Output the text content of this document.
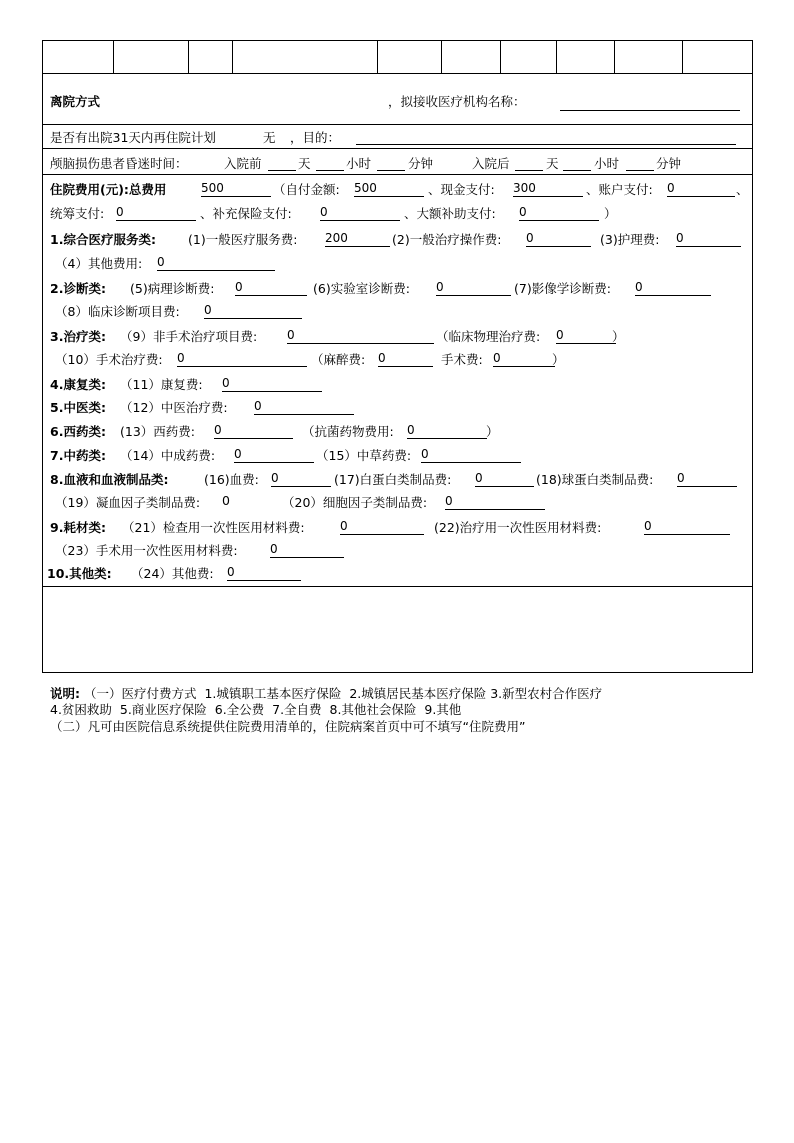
离院方式	，拟接收医疗机构名称：
是否有出院31天内再住院计划	无 ，目的：
颅脑损伤患者昏迷时间：	入院前	天	小时	分钟	入院后	天	小时	分钟
住院费用(元):总费用	500	（自付金额: 500	、现金支付: 300	、账户支付: 0	、
统筹支付: 0	、补充保险支付: 0	、大额补助支付: 0	）
1.综合医疗服务类:	(1)一般医疗服务费: 200	(2)一般治疗操作费: 0	(3)护理费: 0
（4）其他费用: 0
2.诊断类: (5)病理诊断费: 0	(6)实验室诊断费: 0	(7)影像学诊断费: 0
（8）临床诊断项目费: 0
3.治疗类: （9）非手术治疗项目费: 0	（临床物理治疗费: 0	）
（10）手术治疗费: 0	（麻醉费: 0	手术费: 0	）
4.康复类: （11）康复费: 0
5.中医类: （12）中医治疗费: 0
6.西药类: (13）西药费: 0	（抗菌药物费用: 0	）
7.中药类: （14）中成药费: 0	（15）中草药费: 0
8.血液和血液制品类:	(16)血费: 0	(17)白蛋白类制品费: 0	(18)球蛋白类制品费: 0
（19）凝血因子类制品费: 0	（20）细胞因子类制品费: 0
9.耗材类: （21）检查用一次性医用材料费:	0	(22)治疗用一次性医用材料费:	0
（23）手术用一次性医用材料费:	0
10.其他类: （24）其他费: 0
说明: （一）医疗付费方式  1.城镇职工基本医疗保险  2.城镇居民基本医疗保险 3.新型农村合作医疗
4.贫困救助  5.商业医疗保险  6.全公费  7.全自费  8.其他社会保险  9.其他
（二）凡可由医院信息系统提供住院费用清单的，住院病案首页中可不填写“住院费用”
